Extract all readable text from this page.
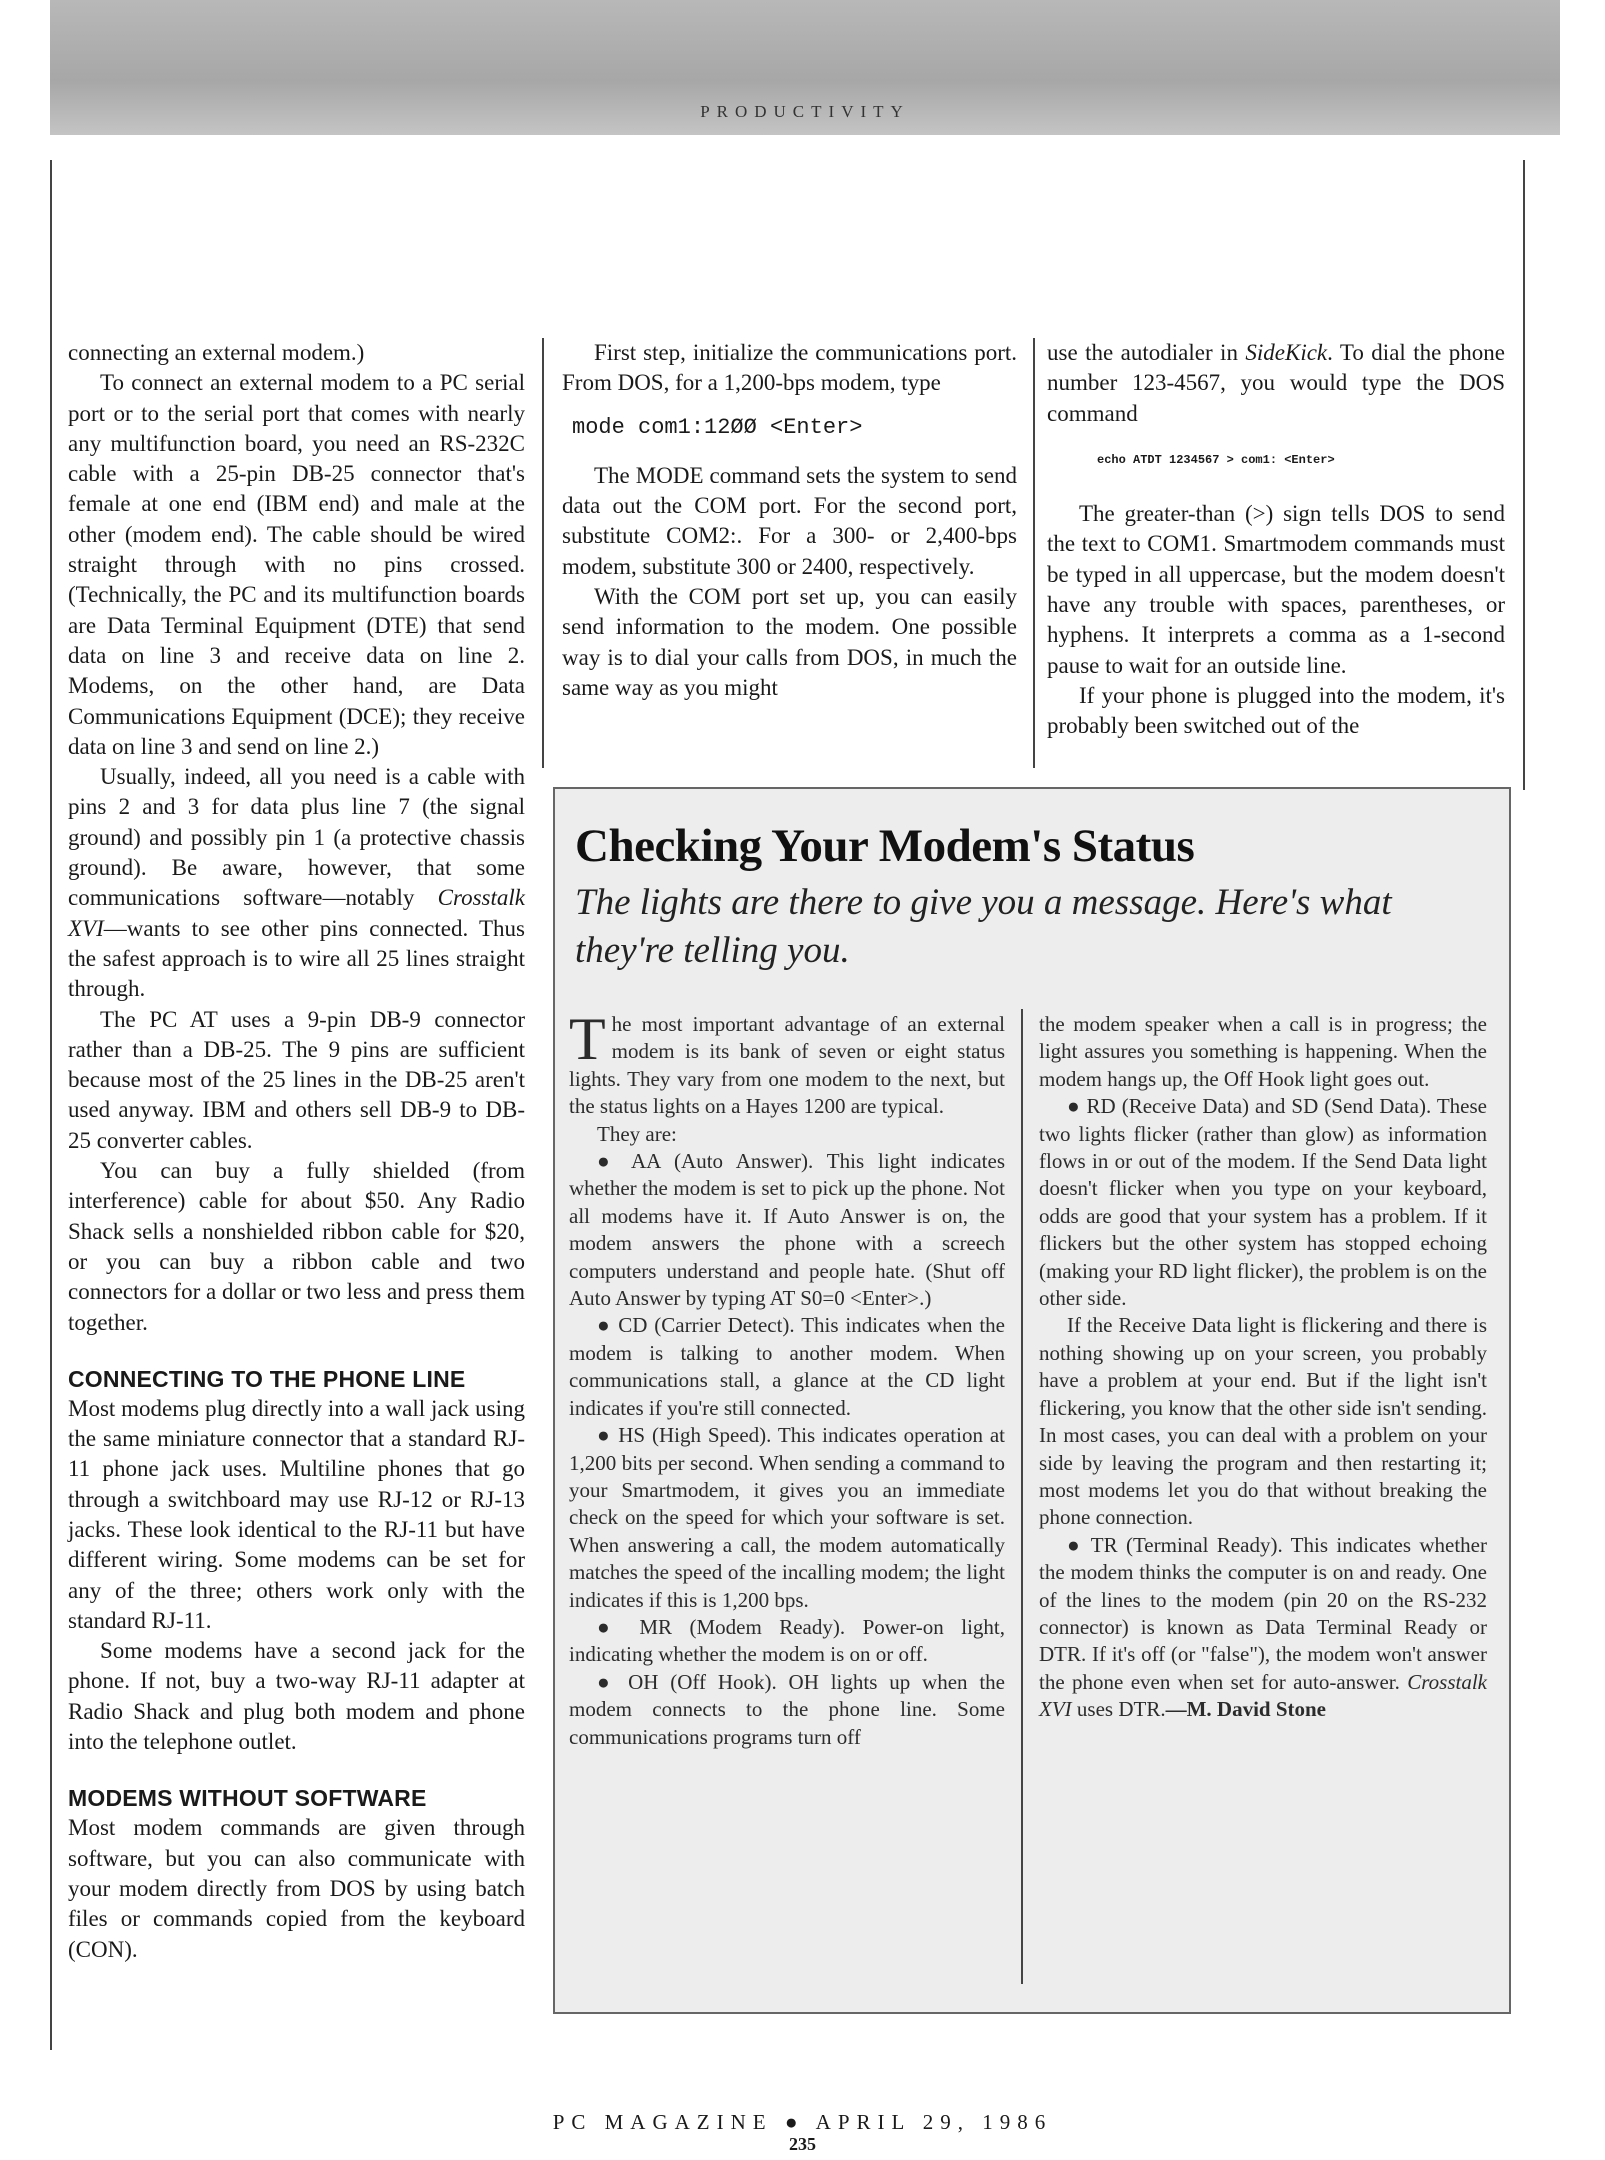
PRODUCTIVITY

connecting an external modem.)

To connect an external modem to a PC serial port or to the serial port that comes with nearly any multifunction board, you need an RS-232C cable with a 25-pin DB-25 connector that's female at one end (IBM end) and male at the other (modem end). The cable should be wired straight through with no pins crossed. (Technically, the PC and its multifunction boards are Data Terminal Equipment (DTE) that send data on line 3 and receive data on line 2. Modems, on the other hand, are Data Communications Equipment (DCE); they receive data on line 3 and send on line 2.)

Usually, indeed, all you need is a cable with pins 2 and 3 for data plus line 7 (the signal ground) and possibly pin 1 (a protective chassis ground). Be aware, however, that some communications software—notably Crosstalk XVI—wants to see other pins connected. Thus the safest approach is to wire all 25 lines straight through.

The PC AT uses a 9-pin DB-9 connector rather than a DB-25. The 9 pins are sufficient because most of the 25 lines in the DB-25 aren't used anyway. IBM and others sell DB-9 to DB-25 converter cables.

You can buy a fully shielded (from interference) cable for about $50. Any Radio Shack sells a nonshielded ribbon cable for $20, or you can buy a ribbon cable and two connectors for a dollar or two less and press them together.

CONNECTING TO THE PHONE LINE

Most modems plug directly into a wall jack using the same miniature connector that a standard RJ-11 phone jack uses. Multiline phones that go through a switchboard may use RJ-12 or RJ-13 jacks. These look identical to the RJ-11 but have different wiring. Some modems can be set for any of the three; others work only with the standard RJ-11.

Some modems have a second jack for the phone. If not, buy a two-way RJ-11 adapter at Radio Shack and plug both modem and phone into the telephone outlet.

MODEMS WITHOUT SOFTWARE

Most modem commands are given through software, but you can also communicate with your modem directly from DOS by using batch files or commands copied from the keyboard (CON).

First step, initialize the communications port. From DOS, for a 1,200-bps modem, type

mode com1:12ØØ <Enter>

The MODE command sets the system to send data out the COM port. For the second port, substitute COM2:. For a 300- or 2,400-bps modem, substitute 300 or 2400, respectively.

With the COM port set up, you can easily send information to the modem. One possible way is to dial your calls from DOS, in much the same way as you might

use the autodialer in SideKick. To dial the phone number 123-4567, you would type the DOS command

echo ATDT 1234567 > com1: <Enter>

The greater-than (>) sign tells DOS to send the text to COM1. Smartmodem commands must be typed in all uppercase, but the modem doesn't have any trouble with spaces, parentheses, or hyphens. It interprets a comma as a 1-second pause to wait for an outside line.

If your phone is plugged into the modem, it's probably been switched out of the

Checking Your Modem's Status
The lights are there to give you a message. Here's what they're telling you.

The most important advantage of an external modem is its bank of seven or eight status lights. They vary from one modem to the next, but the status lights on a Hayes 1200 are typical.

They are:

● AA (Auto Answer). This light indicates whether the modem is set to pick up the phone. Not all modems have it. If Auto Answer is on, the modem answers the phone with a screech computers understand and people hate. (Shut off Auto Answer by typing AT S0=0 <Enter>.)

● CD (Carrier Detect). This indicates when the modem is talking to another modem. When communications stall, a glance at the CD light indicates if you're still connected.

● HS (High Speed). This indicates operation at 1,200 bits per second. When sending a command to your Smartmodem, it gives you an immediate check on the speed for which your software is set. When answering a call, the modem automatically matches the speed of the incalling modem; the light indicates if this is 1,200 bps.

● MR (Modem Ready). Power-on light, indicating whether the modem is on or off.

● OH (Off Hook). OH lights up when the modem connects to the phone line. Some communications programs turn off

the modem speaker when a call is in progress; the light assures you something is happening. When the modem hangs up, the Off Hook light goes out.

● RD (Receive Data) and SD (Send Data). These two lights flicker (rather than glow) as information flows in or out of the modem. If the Send Data light doesn't flicker when you type on your keyboard, odds are good that your system has a problem. If it flickers but the other system has stopped echoing (making your RD light flicker), the problem is on the other side.

If the Receive Data light is flickering and there is nothing showing up on your screen, you probably have a problem at your end. But if the light isn't flickering, you know that the other side isn't sending. In most cases, you can deal with a problem on your side by leaving the program and then restarting it; most modems let you do that without breaking the phone connection.

● TR (Terminal Ready). This indicates whether the modem thinks the computer is on and ready. One of the lines to the modem (pin 20 on the RS-232 connector) is known as Data Terminal Ready or DTR. If it's off (or "false"), the modem won't answer the phone even when set for auto-answer. Crosstalk XVI uses DTR.—M. David Stone

PC MAGAZINE ● APRIL 29, 1986
235
